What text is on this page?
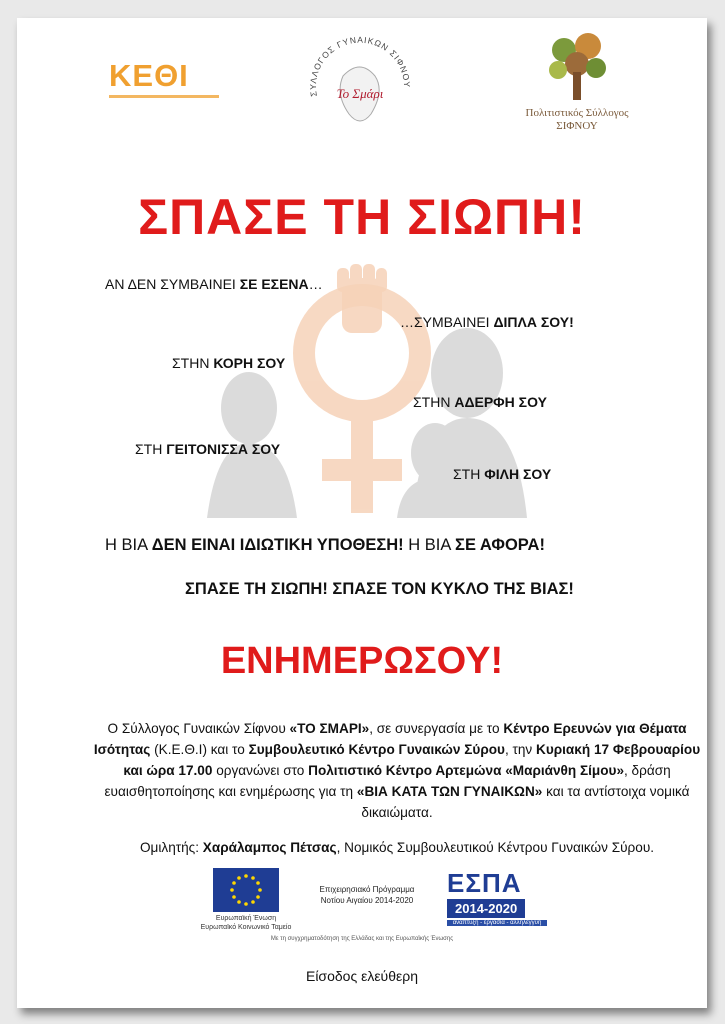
ΚΕΘΙ
ΣΥΛΛΟΓΟΣ ΓΥΝΑΙΚΩΝ ΣΙΦΝΟΥ
Το Σμάρι
Πολιτιστικός Σύλλογος
ΣΙΦΝΟΥ
ΣΠΑΣΕ ΤΗ ΣΙΩΠΗ!
ΑΝ ΔΕΝ ΣΥΜΒΑΙΝΕΙ ΣΕ ΕΣΕΝΑ…
…ΣΥΜΒΑΙΝΕΙ ΔΙΠΛΑ ΣΟΥ!
ΣΤΗΝ ΚΟΡΗ ΣΟΥ
ΣΤΗΝ ΑΔΕΡΦΗ ΣΟΥ
ΣΤΗ ΓΕΙΤΟΝΙΣΣΑ ΣΟΥ
ΣΤΗ ΦΙΛΗ ΣΟΥ
Η ΒΙΑ ΔΕΝ ΕΙΝΑΙ ΙΔΙΩΤΙΚΗ ΥΠΟΘΕΣΗ! Η ΒΙΑ ΣΕ ΑΦΟΡΑ!
ΣΠΑΣΕ ΤΗ ΣΙΩΠΗ! ΣΠΑΣΕ ΤΟΝ ΚΥΚΛΟ ΤΗΣ ΒΙΑΣ!
ΕΝΗΜΕΡΩΣΟΥ!
Ο Σύλλογος Γυναικών Σίφνου «ΤΟ ΣΜΑΡΙ», σε συνεργασία με το Κέντρο Ερευνών για Θέματα Ισότητας (Κ.Ε.Θ.Ι) και το Συμβουλευτικό Κέντρο Γυναικών Σύρου, την Κυριακή 17 Φεβρουαρίου και ώρα 17.00 οργανώνει στο Πολιτιστικό Κέντρο Αρτεμώνα «Μαριάνθη Σίμου», δράση ευαισθητοποίησης και ενημέρωσης για τη «ΒΙΑ ΚΑΤΑ ΤΩΝ ΓΥΝΑΙΚΩΝ» και τα αντίστοιχα νομικά δικαιώματα.
Ομιλητής: Χαράλαμπος Πέτσας, Νομικός Συμβουλευτικού Κέντρου Γυναικών Σύρου.
Ευρωπαϊκή Ένωση
Ευρωπαϊκό Κοινωνικό Ταμείο
Επιχειρησιακό Πρόγραμμα
Νοτίου Αιγαίου 2014-2020
ΕΣΠΑ
2014-2020
ανάπτυξη - εργασία - αλληλεγγύη
Με τη συγχρηματοδότηση της Ελλάδας και της Ευρωπαϊκής Ένωσης
Είσοδος ελεύθερη
